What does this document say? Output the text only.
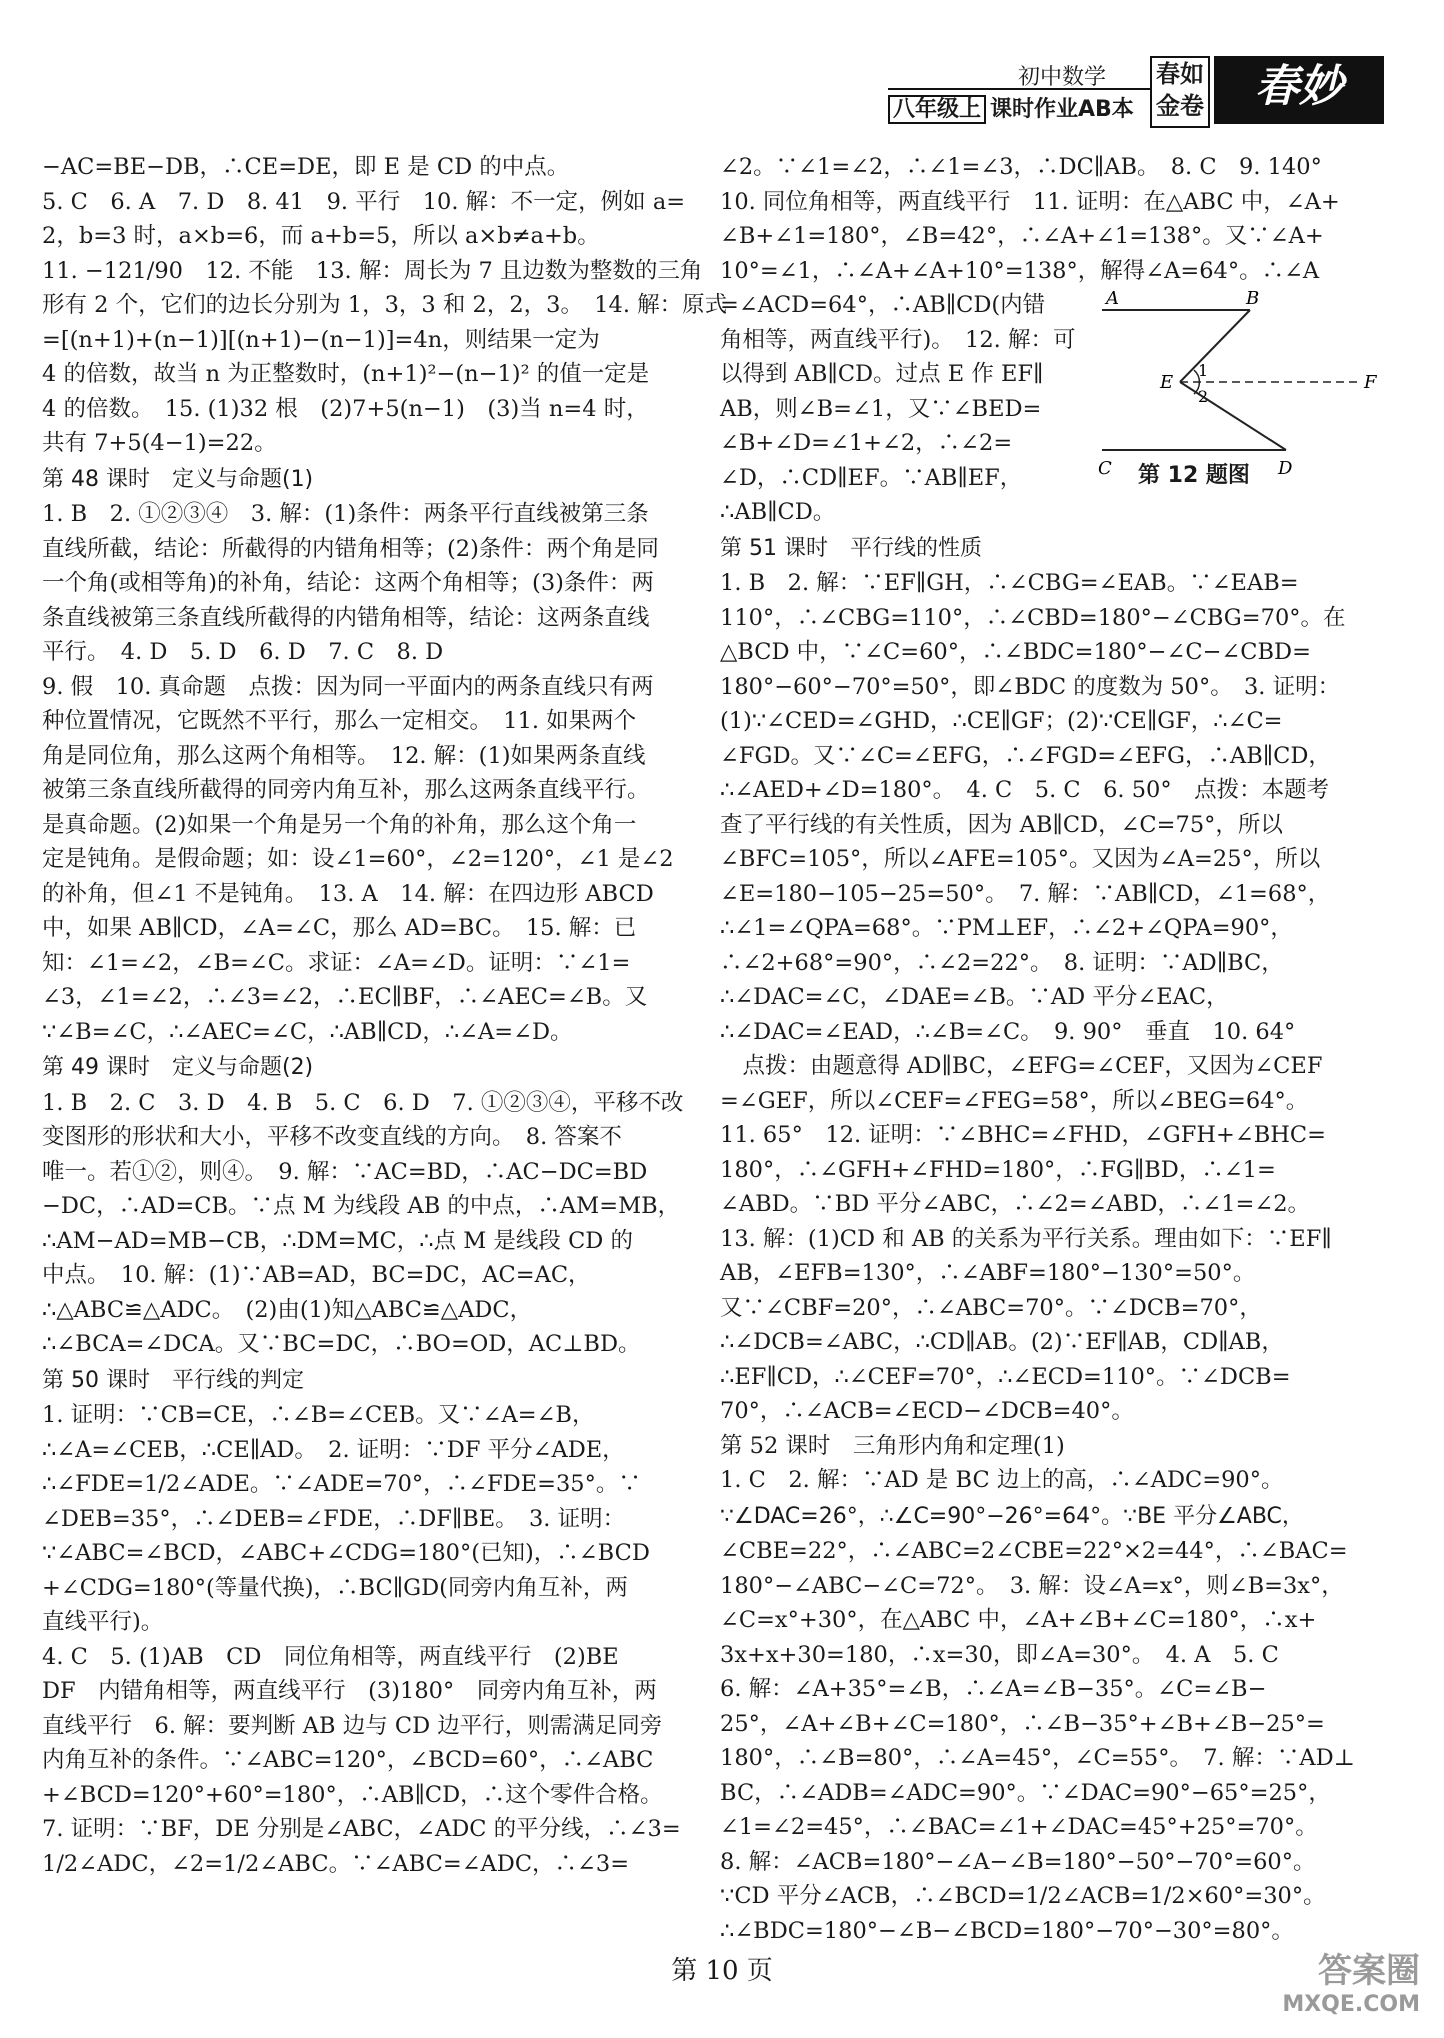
初中数学
八年级上 课时作业AB本
春如
金卷	春妙

−AC=BE−DB，∴CE=DE，即 E 是 CD 的中点。

5. C　6. A　7. D　8. 41　9. 平行　10. 解：不一定，例如 a=

2，b=3 时，a×b=6，而 a+b=5，所以 a×b≠a+b。

11. −121/90　12. 不能　13. 解：周长为 7 且边数为整数的三角

形有 2 个，它们的边长分别为 1，3，3 和 2，2，3。　14. 解：原式

=[(n+1)+(n−1)][(n+1)−(n−1)]=4n，则结果一定为

4 的倍数，故当 n 为正整数时，(n+1)²−(n−1)² 的值一定是

4 的倍数。　15. (1)32 根　(2)7+5(n−1)　(3)当 n=4 时，

共有 7+5(4−1)=22。

第 48 课时　定义与命题(1)

1. B　2. ①②③④　3. 解：(1)条件：两条平行直线被第三条

直线所截，结论：所截得的内错角相等；(2)条件：两个角是同

一个角(或相等角)的补角，结论：这两个角相等；(3)条件：两

条直线被第三条直线所截得的内错角相等，结论：这两条直线

平行。　4. D　5. D　6. D　7. C　8. D

9. 假　10. 真命题　点拨：因为同一平面内的两条直线只有两

种位置情况，它既然不平行，那么一定相交。　11. 如果两个

角是同位角，那么这两个角相等。　12. 解：(1)如果两条直线

被第三条直线所截得的同旁内角互补，那么这两条直线平行。

是真命题。(2)如果一个角是另一个角的补角，那么这个角一

定是钝角。是假命题；如：设∠1=60°，∠2=120°，∠1 是∠2

的补角，但∠1 不是钝角。　13. A　14. 解：在四边形 ABCD

中，如果 AB∥CD，∠A=∠C，那么 AD=BC。　15. 解：已

知：∠1=∠2，∠B=∠C。求证：∠A=∠D。证明：∵∠1=

∠3，∠1=∠2，∴∠3=∠2，∴EC∥BF，∴∠AEC=∠B。又

∵∠B=∠C，∴∠AEC=∠C，∴AB∥CD，∴∠A=∠D。

第 49 课时　定义与命题(2)

1. B　2. C　3. D　4. B　5. C　6. D　7. ①②③④，平移不改

变图形的形状和大小，平移不改变直线的方向。　8. 答案不

唯一。若①②，则④。　9. 解：∵AC=BD，∴AC−DC=BD

−DC，∴AD=CB。∵点 M 为线段 AB 的中点，∴AM=MB，

∴AM−AD=MB−CB，∴DM=MC，∴点 M 是线段 CD 的

中点。　10. 解：(1)∵AB=AD，BC=DC，AC=AC，

∴△ABC≌△ADC。　(2)由(1)知△ABC≌△ADC，

∴∠BCA=∠DCA。又∵BC=DC，∴BO=OD，AC⊥BD。

第 50 课时　平行线的判定

1. 证明：∵CB=CE，∴∠B=∠CEB。又∵∠A=∠B，

∴∠A=∠CEB，∴CE∥AD。　2. 证明：∵DF 平分∠ADE，

∴∠FDE=1/2∠ADE。∵∠ADE=70°，∴∠FDE=35°。∵

∠DEB=35°，∴∠DEB=∠FDE，∴DF∥BE。　3. 证明：

∵∠ABC=∠BCD，∠ABC+∠CDG=180°(已知)，∴∠BCD

+∠CDG=180°(等量代换)，∴BC∥GD(同旁内角互补，两

直线平行)。

4. C　5. (1)AB　CD　同位角相等，两直线平行　(2)BE

DF　内错角相等，两直线平行　(3)180°　同旁内角互补，两

直线平行　6. 解：要判断 AB 边与 CD 边平行，则需满足同旁

内角互补的条件。∵∠ABC=120°，∠BCD=60°，∴∠ABC

+∠BCD=120°+60°=180°，∴AB∥CD，∴这个零件合格。

7. 证明：∵BF，DE 分别是∠ABC，∠ADC 的平分线，∴∠3=

1/2∠ADC，∠2=1/2∠ABC。∵∠ABC=∠ADC，∴∠3=

∠2。∵∠1=∠2，∴∠1=∠3，∴DC∥AB。　8. C　9. 140°

10. 同位角相等，两直线平行　11. 证明：在△ABC 中，∠A+

∠B+∠1=180°，∠B=42°，∴∠A+∠1=138°。又∵∠A+

10°=∠1，∴∠A+∠A+10°=138°，解得∠A=64°。∴∠A

=∠ACD=64°，∴AB∥CD(内错

角相等，两直线平行)。　12. 解：可

以得到 AB∥CD。过点 E 作 EF∥

AB，则∠B=∠1，又∵∠BED=

∠B+∠D=∠1+∠2，∴∠2=

∠D，∴CD∥EF。∵AB∥EF，

∴AB∥CD。

第 51 课时　平行线的性质

1. B　2. 解：∵EF∥GH，∴∠CBG=∠EAB。∵∠EAB=

110°，∴∠CBG=110°，∴∠CBD=180°−∠CBG=70°。在

△BCD 中，∵∠C=60°，∴∠BDC=180°−∠C−∠CBD=

180°−60°−70°=50°，即∠BDC 的度数为 50°。　3. 证明：

(1)∵∠CED=∠GHD，∴CE∥GF；(2)∵CE∥GF，∴∠C=

∠FGD。又∵∠C=∠EFG，∴∠FGD=∠EFG，∴AB∥CD，

∴∠AED+∠D=180°。　4. C　5. C　6. 50°　点拨：本题考

查了平行线的有关性质，因为 AB∥CD，∠C=75°，所以

∠BFC=105°，所以∠AFE=105°。又因为∠A=25°，所以

∠E=180−105−25=50°。　7. 解：∵AB∥CD，∠1=68°，

∴∠1=∠QPA=68°。∵PM⊥EF，∴∠2+∠QPA=90°，

∴∠2+68°=90°，∴∠2=22°。　8. 证明：∵AD∥BC，

∴∠DAC=∠C，∠DAE=∠B。∵AD 平分∠EAC，

∴∠DAC=∠EAD，∴∠B=∠C。　9. 90°　垂直　10. 64°

　点拨：由题意得 AD∥BC，∠EFG=∠CEF，又因为∠CEF

=∠GEF，所以∠CEF=∠FEG=58°，所以∠BEG=64°。

11. 65°　12. 证明：∵∠BHC=∠FHD，∠GFH+∠BHC=

180°，∴∠GFH+∠FHD=180°，∴FG∥BD，∴∠1=

∠ABD。∵BD 平分∠ABC，∴∠2=∠ABD，∴∠1=∠2。

13. 解：(1)CD 和 AB 的关系为平行关系。理由如下：∵EF∥

AB，∠EFB=130°，∴∠ABF=180°−130°=50°。

又∵∠CBF=20°，∴∠ABC=70°。∵∠DCB=70°，

∴∠DCB=∠ABC，∴CD∥AB。(2)∵EF∥AB，CD∥AB，

∴EF∥CD，∴∠CEF=70°，∴∠ECD=110°。∵∠DCB=

70°，∴∠ACB=∠ECD−∠DCB=40°。

第 52 课时　三角形内角和定理(1)

1. C　2. 解：∵AD 是 BC 边上的高，∴∠ADC=90°。

∵∠DAC=26°，∴∠C=90°−26°=64°。∵BE 平分∠ABC，

∠CBE=22°，∴∠ABC=2∠CBE=22°×2=44°，∴∠BAC=

180°−∠ABC−∠C=72°。　3. 解：设∠A=x°，则∠B=3x°，

∠C=x°+30°，在△ABC 中，∠A+∠B+∠C=180°，∴x+

3x+x+30=180，∴x=30，即∠A=30°。　4. A　5. C

6. 解：∠A+35°=∠B，∴∠A=∠B−35°。∠C=∠B−

25°，∠A+∠B+∠C=180°，∴∠B−35°+∠B+∠B−25°=

180°，∴∠B=80°，∴∠A=45°，∠C=55°。　7. 解：∵AD⊥

BC，∴∠ADB=∠ADC=90°。∵∠DAC=90°−65°=25°，

∠1=∠2=45°，∴∠BAC=∠1+∠DAC=45°+25°=70°。

8. 解：∠ACB=180°−∠A−∠B=180°−50°−70°=60°。

∵CD 平分∠ACB，∴∠BCD=1/2∠ACB=1/2×60°=30°。

∴∠BDC=180°−∠B−∠BCD=180°−70°−30°=80°。

A	B
E	F
1
2
C	D
第 12 题图
第 10 页	答案圈
MXQE.COM
